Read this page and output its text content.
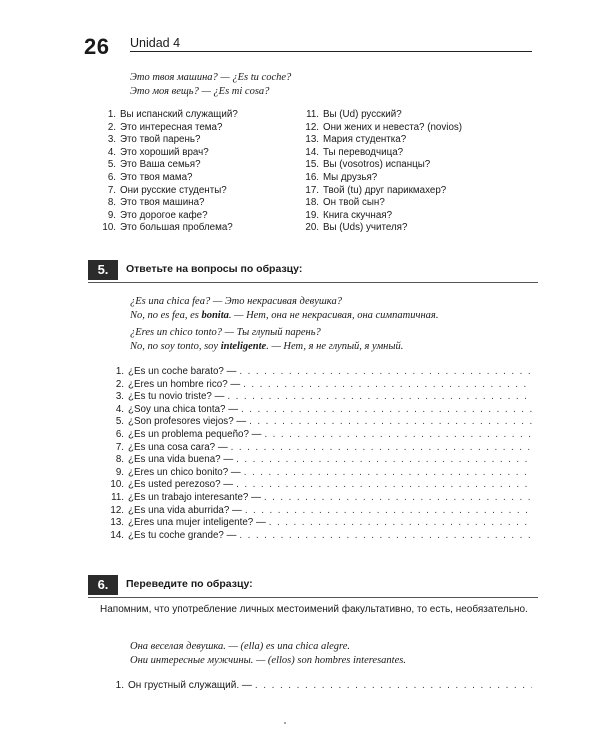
26 Unidad 4
Это твоя машина? — ¿Es tu coche?
Это моя вещь? — ¿Es mi cosa?
1. Вы испанский служащий?
2. Это интересная тема?
3. Это твой парень?
4. Это хороший врач?
5. Это Ваша семья?
6. Это твоя мама?
7. Они русские студенты?
8. Это твоя машина?
9. Это дорогое кафе?
10. Это большая проблема?
11. Вы (Ud) русский?
12. Они жених и невеста? (novios)
13. Мария студентка?
14. Ты переводчица?
15. Вы (vosotros) испанцы?
16. Мы друзья?
17. Твой (tu) друг парикмахер?
18. Он твой сын?
19. Книга скучная?
20. Вы (Uds) учителя?
5.	Ответьте на вопросы по образцу:
¿Es una chica fea? — Это некрасивая девушка?
No, no es fea, es bonita. — Нет, она не некрасивая, она симпатичная.
¿Eres un chico tonto? — Ты глупый парень?
No, no soy tonto, soy inteligente. — Нет, я не глупый, я умный.
1. ¿Es un coche barato? —
. . .
2. ¿Eres un hombre rico? —
. . .
3. ¿Es tu novio triste? —
. . .
4. ¿Soy una chica tonta? —
. . .
5. ¿Son profesores viejos? —
. . .
6. ¿Es un problema pequeño? —
. . .
7. ¿Es una cosa cara? —
. . .
8. ¿Es una vida buena? —
. . .
9. ¿Eres un chico bonito? —
. . .
10. ¿Es usted perezoso? —
. . .
11. ¿Es un trabajo interesante? —
. . .
12. ¿Es una vida aburrida? —
. . .
13. ¿Eres una mujer inteligente? —
. . .
14. ¿Es tu coche grande? —
. . .
6.	Переведите по образцу:
Напомним, что употребление личных местоимений факультативно, то есть, необязательно.
Она веселая девушка. — (ella) es una chica alegre.
Они интересные мужчины. — (ellos) son hombres interesantes.
1. Он грустный служащий. —
. . .
